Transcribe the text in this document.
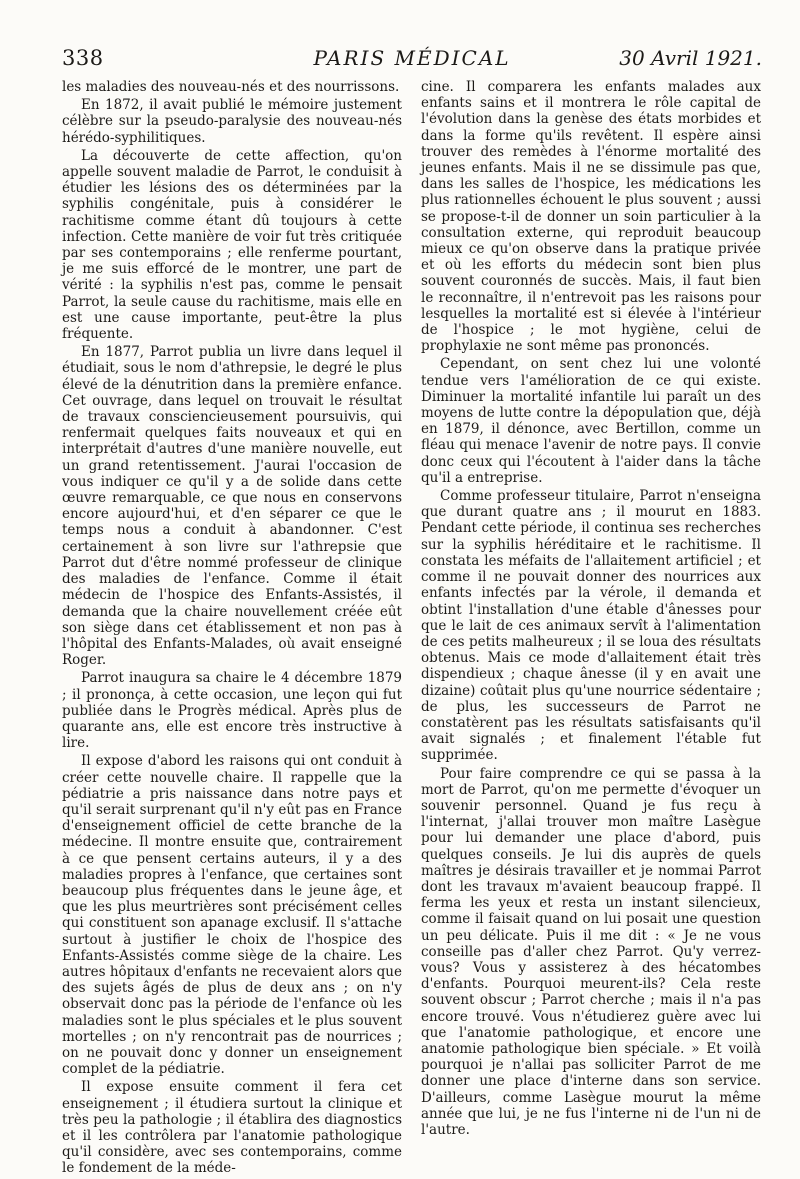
338	PARIS MÉDICAL	30 Avril 1921.

les maladies des nouveau-nés et des nourrissons.

En 1872, il avait publié le mémoire justement célèbre sur la pseudo-paralysie des nouveau-nés hérédo-syphilitiques.

La découverte de cette affection, qu'on appelle souvent maladie de Parrot, le conduisit à étudier les lésions des os déterminées par la syphilis congénitale, puis à considérer le rachitisme comme étant dû toujours à cette infection. Cette manière de voir fut très critiquée par ses contemporains ; elle renferme pourtant, je me suis efforcé de le montrer, une part de vérité : la syphilis n'est pas, comme le pensait Parrot, la seule cause du rachitisme, mais elle en est une cause importante, peut-être la plus fréquente.

En 1877, Parrot publia un livre dans lequel il étudiait, sous le nom d'athrepsie, le degré le plus élevé de la dénutrition dans la première enfance. Cet ouvrage, dans lequel on trouvait le résultat de travaux consciencieusement poursuivis, qui renfermait quelques faits nouveaux et qui en interprétait d'autres d'une manière nouvelle, eut un grand retentissement. J'aurai l'occasion de vous indiquer ce qu'il y a de solide dans cette œuvre remarquable, ce que nous en conservons encore aujourd'hui, et d'en séparer ce que le temps nous a conduit à abandonner. C'est certainement à son livre sur l'athrepsie que Parrot dut d'être nommé professeur de clinique des maladies de l'enfance. Comme il était médecin de l'hospice des Enfants-Assistés, il demanda que la chaire nouvellement créée eût son siège dans cet établissement et non pas à l'hôpital des Enfants-Malades, où avait enseigné Roger.

Parrot inaugura sa chaire le 4 décembre 1879 ; il prononça, à cette occasion, une leçon qui fut publiée dans le Progrès médical. Après plus de quarante ans, elle est encore très instructive à lire.

Il expose d'abord les raisons qui ont conduit à créer cette nouvelle chaire. Il rappelle que la pédiatrie a pris naissance dans notre pays et qu'il serait surprenant qu'il n'y eût pas en France d'enseignement officiel de cette branche de la médecine. Il montre ensuite que, contrairement à ce que pensent certains auteurs, il y a des maladies propres à l'enfance, que certaines sont beaucoup plus fréquentes dans le jeune âge, et que les plus meurtrières sont précisément celles qui constituent son apanage exclusif. Il s'attache surtout à justifier le choix de l'hospice des Enfants-Assistés comme siège de la chaire. Les autres hôpitaux d'enfants ne recevaient alors que des sujets âgés de plus de deux ans ; on n'y observait donc pas la période de l'enfance où les maladies sont le plus spéciales et le plus souvent mortelles ; on n'y rencontrait pas de nourrices ; on ne pouvait donc y donner un enseignement complet de la pédiatrie.

Il expose ensuite comment il fera cet enseignement ; il étudiera surtout la clinique et très peu la pathologie ; il établira des diagnostics et il les contrôlera par l'anatomie pathologique qu'il considère, avec ses contemporains, comme le fondement de la méde-

cine. Il comparera les enfants malades aux enfants sains et il montrera le rôle capital de l'évolution dans la genèse des états morbides et dans la forme qu'ils revêtent. Il espère ainsi trouver des remèdes à l'énorme mortalité des jeunes enfants. Mais il ne se dissimule pas que, dans les salles de l'hospice, les médications les plus rationnelles échouent le plus souvent ; aussi se propose-t-il de donner un soin particulier à la consultation externe, qui reproduit beaucoup mieux ce qu'on observe dans la pratique privée et où les efforts du médecin sont bien plus souvent couronnés de succès. Mais, il faut bien le reconnaître, il n'entrevoit pas les raisons pour lesquelles la mortalité est si élevée à l'intérieur de l'hospice ; le mot hygiène, celui de prophylaxie ne sont même pas prononcés.

Cependant, on sent chez lui une volonté tendue vers l'amélioration de ce qui existe. Diminuer la mortalité infantile lui paraît un des moyens de lutte contre la dépopulation que, déjà en 1879, il dénonce, avec Bertillon, comme un fléau qui menace l'avenir de notre pays. Il convie donc ceux qui l'écoutent à l'aider dans la tâche qu'il a entreprise.

Comme professeur titulaire, Parrot n'enseigna que durant quatre ans ; il mourut en 1883. Pendant cette période, il continua ses recherches sur la syphilis héréditaire et le rachitisme. Il constata les méfaits de l'allaitement artificiel ; et comme il ne pouvait donner des nourrices aux enfants infectés par la vérole, il demanda et obtint l'installation d'une étable d'ânesses pour que le lait de ces animaux servît à l'alimentation de ces petits malheureux ; il se loua des résultats obtenus. Mais ce mode d'allaitement était très dispendieux ; chaque ânesse (il y en avait une dizaine) coûtait plus qu'une nourrice sédentaire ; de plus, les successeurs de Parrot ne constatèrent pas les résultats satisfaisants qu'il avait signalés ; et finalement l'étable fut supprimée.

Pour faire comprendre ce qui se passa à la mort de Parrot, qu'on me permette d'évoquer un souvenir personnel. Quand je fus reçu à l'internat, j'allai trouver mon maître Lasègue pour lui demander une place d'abord, puis quelques conseils. Je lui dis auprès de quels maîtres je désirais travailler et je nommai Parrot dont les travaux m'avaient beaucoup frappé. Il ferma les yeux et resta un instant silencieux, comme il faisait quand on lui posait une question un peu délicate. Puis il me dit : « Je ne vous conseille pas d'aller chez Parrot. Qu'y verrez-vous? Vous y assisterez à des hécatombes d'enfants. Pourquoi meurent-ils? Cela reste souvent obscur ; Parrot cherche ; mais il n'a pas encore trouvé. Vous n'étudierez guère avec lui que l'anatomie pathologique, et encore une anatomie pathologique bien spéciale. » Et voilà pourquoi je n'allai pas solliciter Parrot de me donner une place d'interne dans son service. D'ailleurs, comme Lasègue mourut la même année que lui, je ne fus l'interne ni de l'un ni de l'autre.
